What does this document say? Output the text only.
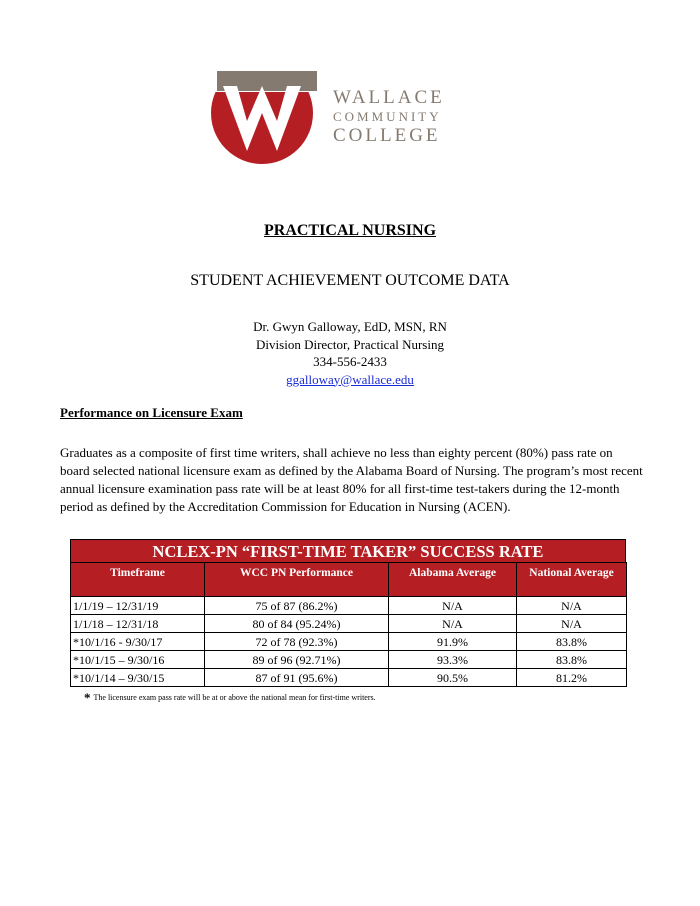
WALLACE
COMMUNITY
COLLEGE
PRACTICAL NURSING
STUDENT ACHIEVEMENT OUTCOME DATA
Dr. Gwyn Galloway, EdD, MSN, RN
Division Director, Practical Nursing
334-556-2433
ggalloway@wallace.edu
Performance on Licensure Exam
Graduates as a composite of first time writers, shall achieve no less than eighty percent (80%) pass rate on board selected national licensure exam as defined by the Alabama Board of Nursing. The program’s most recent annual licensure examination pass rate will be at least 80% for all first-time test-takers during the 12-month period as defined by the Accreditation Commission for Education in Nursing (ACEN).
NCLEX-PN “FIRST-TIME TAKER” SUCCESS RATE
Timeframe	WCC PN Performance	Alabama Average	National Average
1/1/19 – 12/31/19	75 of 87 (86.2%)	N/A	N/A
1/1/18 – 12/31/18	80 of 84 (95.24%)	N/A	N/A
*10/1/16 - 9/30/17	72 of 78 (92.3%)	91.9%	83.8%
*10/1/15 – 9/30/16	89 of 96 (92.71%)	93.3%	83.8%
*10/1/14 – 9/30/15	87 of 91 (95.6%)	90.5%	81.2%
* The licensure exam pass rate will be at or above the national mean for first-time writers.
